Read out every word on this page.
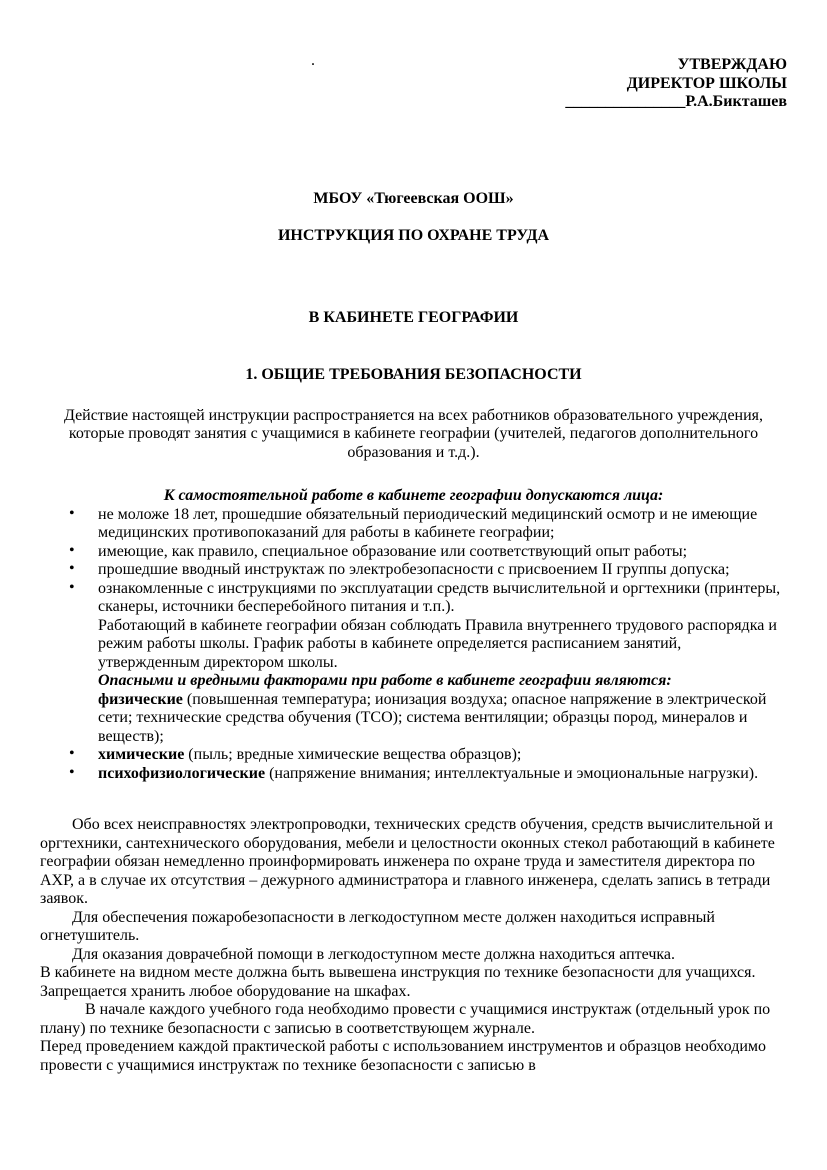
.	УТВЕРЖДАЮ
ДИРЕКТОР ШКОЛЫ
_______________Р.А.Бикташев
МБОУ «Тюгеевская ООШ»
ИНСТРУКЦИЯ ПО ОХРАНЕ ТРУДА
В КАБИНЕТЕ ГЕОГРАФИИ
1. ОБЩИЕ ТРЕБОВАНИЯ БЕЗОПАСНОСТИ
Действие настоящей инструкции распространяется на всех работников образовательного учреждения, которые проводят занятия с учащимися в кабинете географии (учителей, педагогов дополнительного образования и т.д.).
К самостоятельной работе в кабинете географии допускаются лица:
• не моложе 18 лет, прошедшие обязательный периодический медицинский осмотр и не имеющие медицинских противопоказаний для работы в кабинете географии;
• имеющие, как правило, специальное образование или соответствующий опыт работы;
• прошедшие вводный инструктаж по электробезопасности с присвоением II группы допуска;
• ознакомленные с инструкциями по эксплуатации средств вычислительной и оргтехники (принтеры, сканеры, источники бесперебойного питания и т.п.).
Работающий в кабинете географии обязан соблюдать Правила внутреннего трудового распорядка и режим работы школы. График работы в кабинете определяется расписанием занятий, утвержденным директором школы.
Опасными и вредными факторами при работе в кабинете географии являются:
физические (повышенная температура; ионизация воздуха; опасное напряжение в электрической сети; технические средства обучения (ТСО); система вентиляции; образцы пород, минералов и веществ);
• химические (пыль; вредные химические вещества образцов);
• психофизиологические (напряжение внимания; интеллектуальные и эмоциональные нагрузки).

Обо всех неисправностях электропроводки, технических средств обучения, средств вычислительной и оргтехники, сантехнического оборудования, мебели и целостности оконных стекол работающий в кабинете географии обязан немедленно проинформировать инженера по охране труда и заместителя директора по АХР, а в случае их отсутствия – дежурного администратора и главного инженера, сделать запись в тетради заявок.

Для обеспечения пожаробезопасности в легкодоступном месте должен находиться исправный огнетушитель.

Для оказания доврачебной помощи в легкодоступном месте должна находиться аптечка.

В кабинете на видном месте должна быть вывешена инструкция по технике безопасности для учащихся.

Запрещается хранить любое оборудование на шкафах.

В начале каждого учебного года необходимо провести с учащимися инструктаж (отдельный урок по плану) по технике безопасности с записью в соответствующем журнале.

Перед проведением каждой практической работы с использованием инструментов и образцов необходимо провести с учащимися инструктаж по технике безопасности с записью в
